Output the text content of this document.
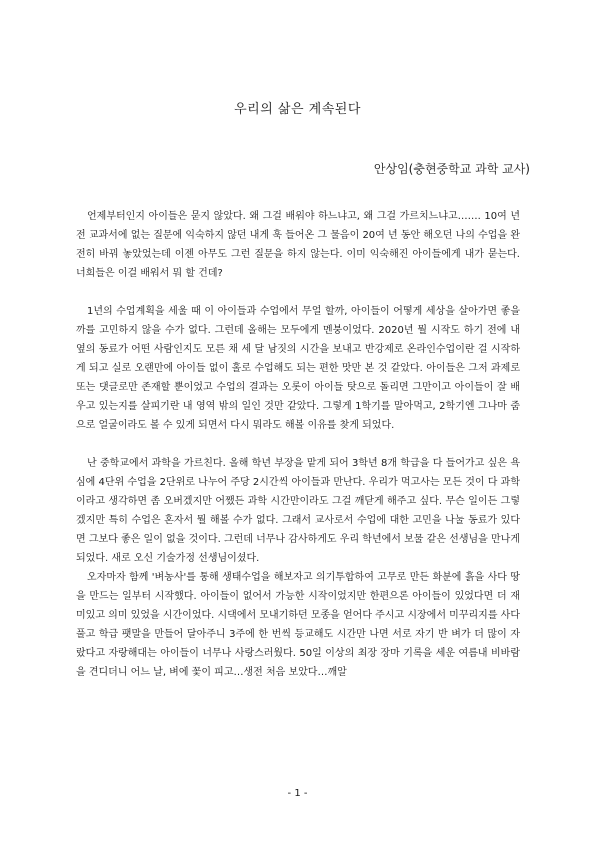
우리의 삶은 계속된다
안상임(충현중학교 과학 교사)

언제부터인지 아이들은 묻지 않았다. 왜 그걸 배워야 하느냐고, 왜 그걸 가르치느냐고……. 10여 년 전 교과서에 없는 질문에 익숙하지 않던 내게 훅 들어온 그 물음이 20여 년 동안 해오던 나의 수업을 완전히 바꿔 놓았었는데 이젠 아무도 그런 질문을 하지 않는다. 이미 익숙해진 아이들에게 내가 묻는다. 너희들은 이걸 배워서 뭐 할 건데?

1년의 수업계획을 세울 때 이 아이들과 수업에서 무얼 할까, 아이들이 어떻게 세상을 살아가면 좋을까를 고민하지 않을 수가 없다. 그런데 올해는 모두에게 멘붕이었다. 2020년 뭘 시작도 하기 전에 내 옆의 동료가 어떤 사람인지도 모른 채 세 달 남짓의 시간을 보내고 반강제로 온라인수업이란 걸 시작하게 되고 실로 오랜만에 아이들 없이 홀로 수업해도 되는 편한 맛만 본 것 같았다. 아이들은 그저 과제로 또는 댓글로만 존재할 뿐이었고 수업의 결과는 오롯이 아이들 탓으로 돌리면 그만이고 아이들이 잘 배우고 있는지를 살피기란 내 영역 밖의 일인 것만 같았다. 그렇게 1학기를 말아먹고, 2학기엔 그나마 줌으로 얼굴이라도 볼 수 있게 되면서 다시 뭐라도 해볼 이유를 찾게 되었다.

난 중학교에서 과학을 가르친다. 올해 학년 부장을 맡게 되어 3학년 8개 학급을 다 들어가고 싶은 욕심에 4단위 수업을 2단위로 나누어 주당 2시간씩 아이들과 만난다. 우리가 먹고사는 모든 것이 다 과학이라고 생각하면 좀 오버겠지만 어쨌든 과학 시간만이라도 그걸 깨닫게 해주고 싶다. 무슨 일이든 그렇겠지만 특히 수업은 혼자서 뭘 해볼 수가 없다. 그래서 교사로서 수업에 대한 고민을 나눌 동료가 있다면 그보다 좋은 일이 없을 것이다. 그런데 너무나 감사하게도 우리 학년에서 보물 같은 선생님을 만나게 되었다. 새로 오신 기술가정 선생님이셨다.

오자마자 함께 '벼농사'를 통해 생태수업을 해보자고 의기투합하여 고무로 만든 화분에 흙을 사다 땅을 만드는 일부터 시작했다. 아이들이 없어서 가능한 시작이었지만 한편으론 아이들이 있었다면 더 재미있고 의미 있었을 시간이었다. 시댁에서 모내기하던 모종을 얻어다 주시고 시장에서 미꾸리지를 사다 풀고 학급 팻말을 만들어 달아주니 3주에 한 번씩 등교해도 시간만 나면 서로 자기 반 벼가 더 많이 자랐다고 자랑해대는 아이들이 너무나 사랑스러웠다. 50일 이상의 최장 장마 기록을 세운 여름내 비바람을 견디더니 어느 날, 벼에 꽃이 피고…생전 처음 보았다…깨알

- 1 -
